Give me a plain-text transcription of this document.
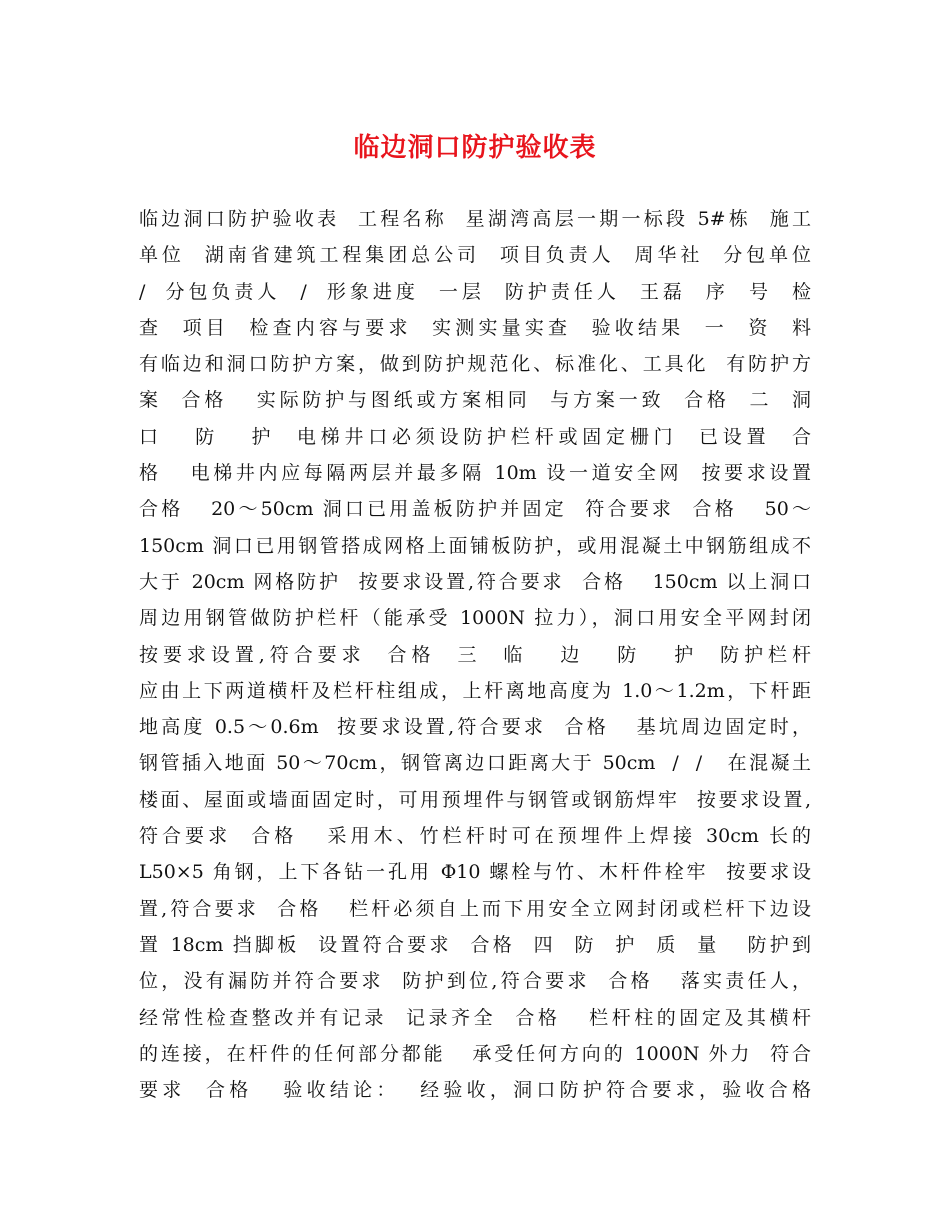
临边洞口防护验收表
临边洞口防护验收表  工程名称  星湖湾高层一期一标段 5#栋  施工
单位  湖南省建筑工程集团总公司  项目负责人  周华社  分包单位
/  分包负责人  /  形象进度  一层  防护责任人  王磊  序  号  检
查  项目  检查内容与要求  实测实量实查  验收结果  一  资  料
有临边和洞口防护方案，做到防护规范化、标准化、工具化  有防护方
案  合格   实际防护与图纸或方案相同  与方案一致  合格  二  洞
口   防   护  电梯井口必须设防护栏杆或固定栅门  已设置  合
格   电梯井内应每隔两层并最多隔 10m 设一道安全网  按要求设置
合格   20～50cm 洞口已用盖板防护并固定  符合要求  合格   50～
150cm 洞口已用钢管搭成网格上面铺板防护，或用混凝土中钢筋组成不
大于 20cm 网格防护  按要求设置,符合要求  合格   150cm 以上洞口
周边用钢管做防护栏杆（能承受 1000N 拉力），洞口用安全平网封闭
按要求设置,符合要求  合格  三  临   边   防   护  防护栏杆
应由上下两道横杆及栏杆柱组成，上杆离地高度为 1.0～1.2m，下杆距
地高度 0.5～0.6m  按要求设置,符合要求  合格   基坑周边固定时，
钢管插入地面 50～70cm，钢管离边口距离大于 50cm  /  /   在混凝土
楼面、屋面或墙面固定时，可用预埋件与钢管或钢筋焊牢  按要求设置,
符合要求  合格   采用木、竹栏杆时可在预埋件上焊接 30cm 长的
L50×5 角钢，上下各钻一孔用 Φ10 螺栓与竹、木杆件栓牢  按要求设
置,符合要求  合格   栏杆必须自上而下用安全立网封闭或栏杆下边设
置 18cm 挡脚板  设置符合要求  合格  四  防  护  质  量   防护到
位，没有漏防并符合要求  防护到位,符合要求  合格   落实责任人，
经常性检查整改并有记录  记录齐全  合格   栏杆柱的固定及其横杆
的连接，在杆件的任何部分都能   承受任何方向的 1000N 外力  符合
要求  合格   验收结论：  经验收，洞口防护符合要求，验收合格
